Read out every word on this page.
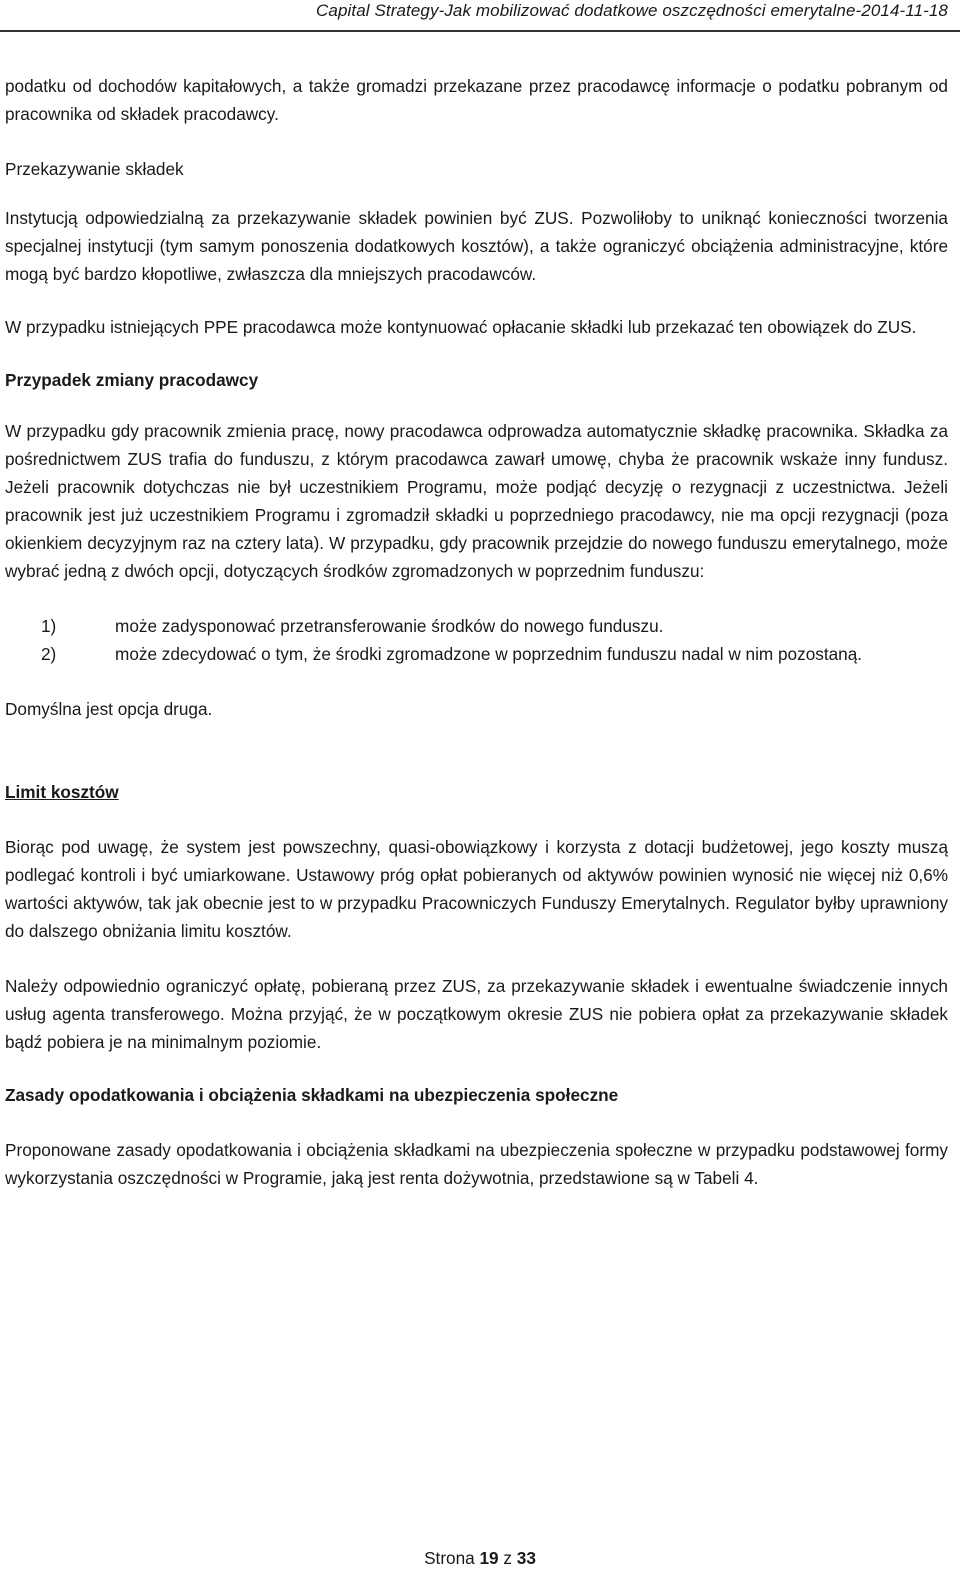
Capital Strategy-Jak mobilizować dodatkowe oszczędności emerytalne-2014-11-18

podatku od dochodów kapitałowych, a także gromadzi przekazane przez pracodawcę informacje o podatku pobranym od pracownika od składek pracodawcy.

Przekazywanie składek

Instytucją odpowiedzialną za przekazywanie składek powinien być ZUS. Pozwoliłoby to uniknąć konieczności tworzenia specjalnej instytucji (tym samym ponoszenia dodatkowych kosztów), a także ograniczyć obciążenia administracyjne, które mogą być bardzo kłopotliwe, zwłaszcza dla mniejszych pracodawców.

W przypadku istniejących PPE pracodawca może kontynuować opłacanie składki lub przekazać ten obowiązek do ZUS.

Przypadek zmiany pracodawcy

W przypadku gdy pracownik zmienia pracę, nowy pracodawca odprowadza automatycznie składkę pracownika. Składka za pośrednictwem ZUS trafia do funduszu, z którym pracodawca zawarł umowę, chyba że pracownik wskaże inny fundusz. Jeżeli pracownik dotychczas nie był uczestnikiem Programu, może podjąć decyzję o rezygnacji z uczestnictwa. Jeżeli pracownik jest już uczestnikiem Programu i zgromadził składki u poprzedniego pracodawcy, nie ma opcji rezygnacji (poza okienkiem decyzyjnym raz na cztery lata). W przypadku, gdy pracownik przejdzie do nowego funduszu emerytalnego, może wybrać jedną z dwóch opcji, dotyczących środków zgromadzonych w poprzednim funduszu:

1)	może zadysponować przetransferowanie środków do nowego funduszu.
2)	może zdecydować o tym, że środki zgromadzone w poprzednim funduszu nadal w nim pozostaną.

Domyślna jest opcja druga.

Limit kosztów

Biorąc pod uwagę, że system jest powszechny, quasi-obowiązkowy i korzysta z dotacji budżetowej, jego koszty muszą podlegać kontroli i być umiarkowane. Ustawowy próg opłat pobieranych od aktywów powinien wynosić nie więcej niż 0,6% wartości aktywów, tak jak obecnie jest to w przypadku Pracowniczych Funduszy Emerytalnych. Regulator byłby uprawniony do dalszego obniżania limitu kosztów.

Należy odpowiednio ograniczyć opłatę, pobieraną przez ZUS, za przekazywanie składek i ewentualne świadczenie innych usług agenta transferowego. Można przyjąć, że w początkowym okresie ZUS nie pobiera opłat za przekazywanie składek bądź pobiera je na minimalnym poziomie.

Zasady opodatkowania i obciążenia składkami na ubezpieczenia społeczne

Proponowane zasady opodatkowania i obciążenia składkami na ubezpieczenia społeczne w przypadku podstawowej formy wykorzystania oszczędności w Programie, jaką jest renta dożywotnia, przedstawione są w Tabeli 4.

Strona 19 z 33
